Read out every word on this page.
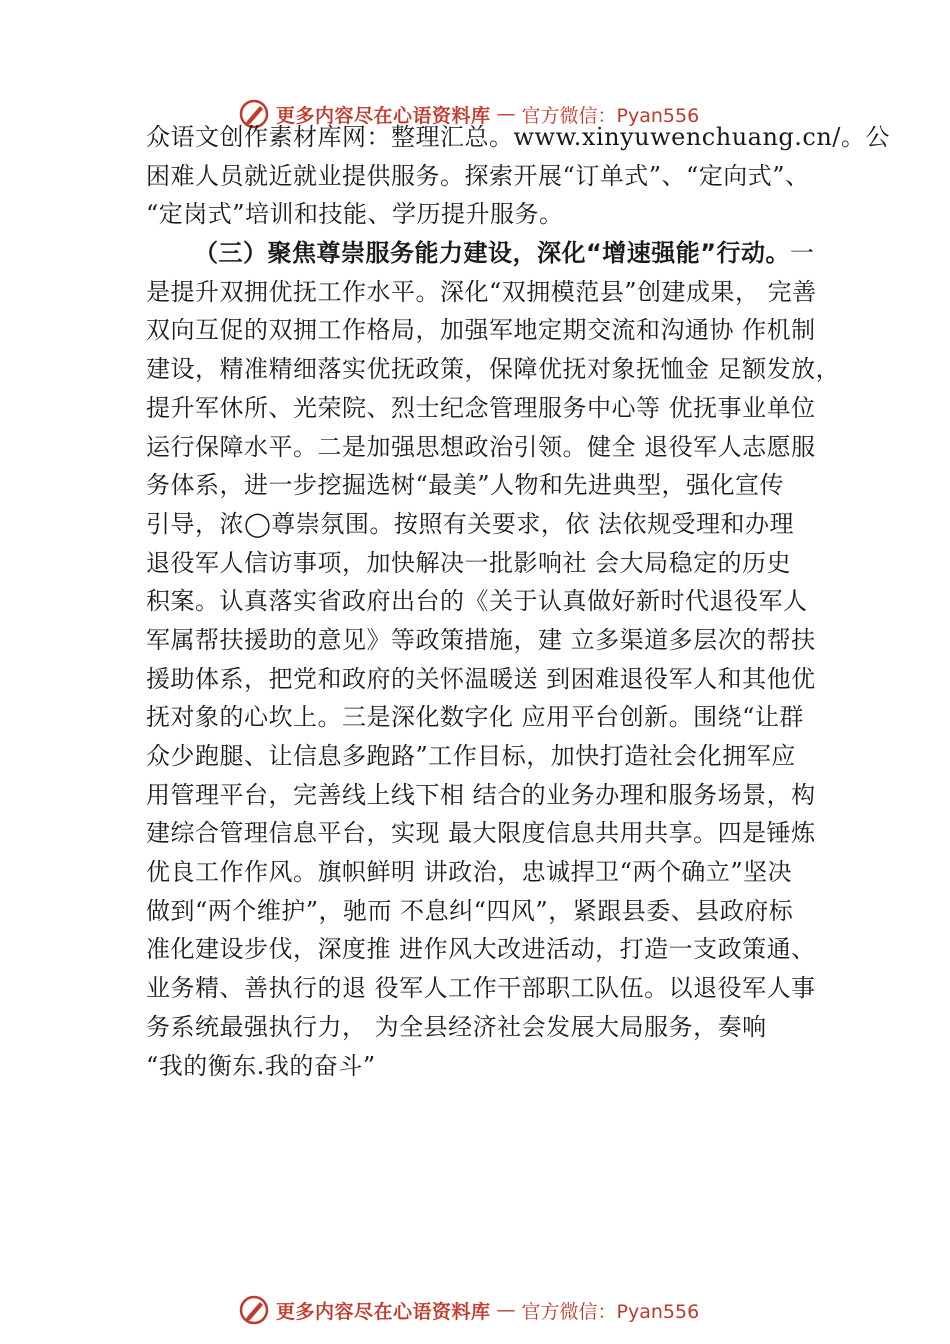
更多内容尽在心语资料库 — 官方微信：Pyan556
众语文创作素材库网：整理汇总。www.xinyuwenchuang.cn/。公
困难人员就近就业提供服务。探索开展“订单式”、“定向式”、
“定岗式”培训和技能、学历提升服务。
（三）聚焦尊崇服务能力建设，深化“增速强能”行动。一
是提升双拥优抚工作水平。深化“双拥模范县”创建成果， 完善
双向互促的双拥工作格局，加强军地定期交流和沟通协 作机制
建设，精准精细落实优抚政策，保障优抚对象抚恤金 足额发放，
提升军休所、光荣院、烈士纪念管理服务中心等 优抚事业单位
运行保障水平。二是加强思想政治引领。健全 退役军人志愿服
务体系，进一步挖掘选树“最美”人物和先进典型，强化宣传
引导，浓◯尊崇氛围。按照有关要求，依 法依规受理和办理
退役军人信访事项，加快解决一批影响社 会大局稳定的历史
积案。认真落实省政府出台的《关于认真做好新时代退役军人
军属帮扶援助的意见》等政策措施，建 立多渠道多层次的帮扶
援助体系，把党和政府的关怀温暖送 到困难退役军人和其他优
抚对象的心坎上。三是深化数字化 应用平台创新。围绕“让群
众少跑腿、让信息多跑路”工作目标，加快打造社会化拥军应
用管理平台，完善线上线下相 结合的业务办理和服务场景，构
建综合管理信息平台，实现 最大限度信息共用共享。四是锤炼
优良工作作风。旗帜鲜明 讲政治，忠诚捍卫“两个确立”坚决
做到“两个维护”，驰而 不息纠“四风”，紧跟县委、县政府标
准化建设步伐，深度推 进作风大改进活动，打造一支政策通、
业务精、善执行的退 役军人工作干部职工队伍。以退役军人事
务系统最强执行力， 为全县经济社会发展大局服务，奏响
“我的衡东.我的奋斗”
更多内容尽在心语资料库 — 官方微信：Pyan556
